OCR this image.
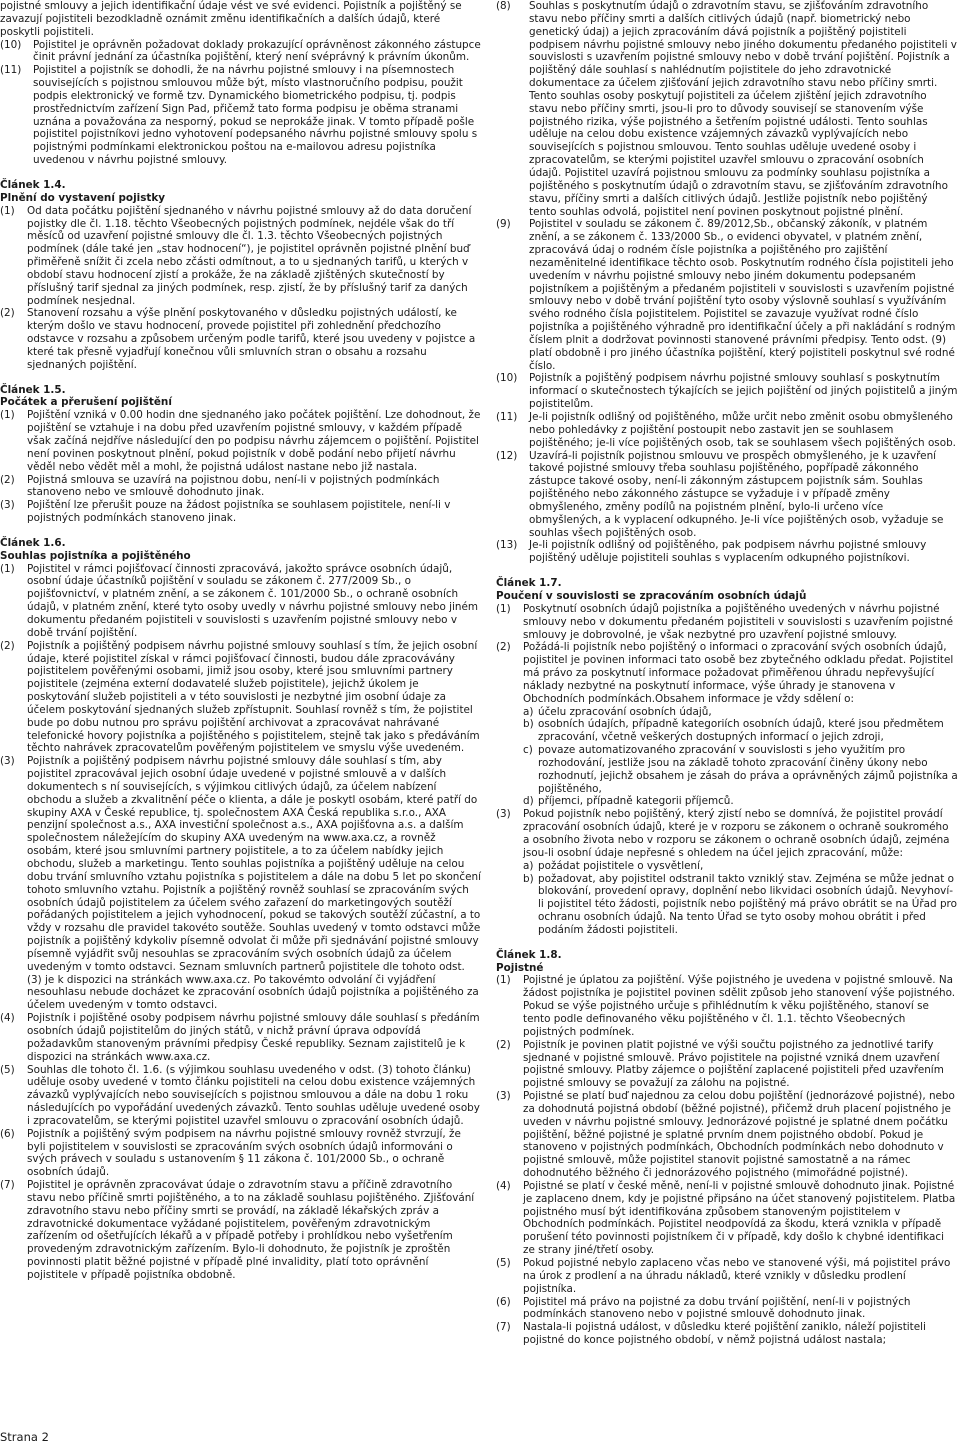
pojistné smlouvy a jejich identifikační údaje vést ve své evidenci. Pojistník a pojištěný se zavazují pojistiteli bezodkladně oznámit změnu identifikačních a dalších údajů, které poskytli pojistiteli.

(10)	Pojistitel je oprávněn požadovat doklady prokazující oprávněnost zákonného zástupce činit právní jednání za účastníka pojištění, který není svéprávný k právním úkonům.
(11)	Pojistitel a pojistník se dohodli, že na návrhu pojistné smlouvy i na písemnostech souvisejících s pojistnou smlouvou může být, místo vlastnoručního podpisu, použit podpis elektronický ve formě tzv. Dynamického biometrického podpisu, tj. podpis prostřednictvím zařízení Sign Pad, přičemž tato forma podpisu je oběma stranami uznána a považována za nesporný, pokud se neprokáže jinak. V tomto případě pošle pojistitel pojistníkovi jedno vyhotovení podepsaného návrhu pojistné smlouvy spolu s pojistnými podmínkami elektronickou poštou na e-mailovou adresu pojistníka uvedenou v návrhu pojistné smlouvy.

Článek 1.4.

Plnění do vystavení pojistky

(1)	Od data počátku pojištění sjednaného v návrhu pojistné smlouvy až do data doručení pojistky dle čl. 1.18. těchto Všeobecných pojistných podmínek, nejdéle však do tří měsíců od uzavření pojistné smlouvy dle čl. 1.3. těchto Všeobecných pojistných podmínek (dále také jen „stav hodnocení“), je pojistitel oprávněn pojistné plnění buď přiměřeně snížit či zcela nebo zčásti odmítnout, a to u sjednaných tarifů, u kterých v období stavu hodnocení zjistí a prokáže, že na základě zjištěných skutečností by příslušný tarif sjednal za jiných podmínek, resp. zjistí, že by příslušný tarif za daných podmínek nesjednal.
(2)	Stanovení rozsahu a výše plnění poskytovaného v důsledku pojistných událostí, ke kterým došlo ve stavu hodnocení, provede pojistitel při zohlednění předchozího odstavce v rozsahu a způsobem určeným podle tarifů, které jsou uvedeny v pojistce a které tak přesně vyjadřují konečnou vůli smluvních stran o obsahu a rozsahu sjednaných pojištění.

Článek 1.5.

Počátek a přerušení pojištění

(1)	Pojištění vzniká v 0.00 hodin dne sjednaného jako počátek pojištění. Lze dohodnout, že pojištění se vztahuje i na dobu před uzavřením pojistné smlouvy, v každém případě však začíná nejdříve následující den po podpisu návrhu zájemcem o pojištění. Pojistitel není povinen poskytnout plnění, pokud pojistník v době podání nebo přijetí návrhu věděl nebo vědět měl a mohl, že pojistná událost nastane nebo již nastala.
(2)	Pojistná smlouva se uzavírá na pojistnou dobu, není-li v pojistných podmínkách stanoveno nebo ve smlouvě dohodnuto jinak.
(3)	Pojištění lze přerušit pouze na žádost pojistníka se souhlasem pojistitele, není-li v pojistných podmínkách stanoveno jinak.

Článek 1.6.

Souhlas pojistníka a pojištěného

(1)	Pojistitel v rámci pojišťovací činnosti zpracovává, jakožto správce osobních údajů, osobní údaje účastníků pojištění v souladu se zákonem č. 277/2009 Sb., o pojišťovnictví, v platném znění, a se zákonem č. 101/2000 Sb., o ochraně osobních údajů, v platném znění, které tyto osoby uvedly v návrhu pojistné smlouvy nebo jiném dokumentu předaném pojistiteli v souvislosti s uzavřením pojistné smlouvy nebo v době trvání pojištění.
(2)	Pojistník a pojištěný podpisem návrhu pojistné smlouvy souhlasí s tím, že jejich osobní údaje, které pojistitel získal v rámci pojišťovací činnosti, budou dále zpracovávány pojistitelem pověřenými osobami, jimiž jsou osoby, které jsou smluvními partnery pojistitele (zejména externí dodavatelé služeb pojistitele), jejichž úkolem je poskytování služeb pojistiteli a v této souvislosti je nezbytné jim osobní údaje za účelem poskytování sjednaných služeb zpřístupnit. Souhlasí rovněž s tím, že pojistitel bude po dobu nutnou pro správu pojištění archivovat a zpracovávat nahrávané telefonické hovory pojistníka a pojištěného s pojistitelem, stejně tak jako s předáváním těchto nahrávek zpracovatelům pověřeným pojistitelem ve smyslu výše uvedeném.
(3)	Pojistník a pojištěný podpisem návrhu pojistné smlouvy dále souhlasí s tím, aby pojistitel zpracovával jejich osobní údaje uvedené v pojistné smlouvě a v dalších dokumentech s ní souvisejících, s výjimkou citlivých údajů, za účelem nabízení obchodu a služeb a zkvalitnění péče o klienta, a dále je poskytl osobám, které patří do skupiny AXA v České republice, tj. společnostem AXA Česká republika s.r.o., AXA penzijní společnost a.s., AXA investiční společnost a.s., AXA pojišťovna a.s. a dalším společnostem náležejícím do skupiny AXA uvedeným na www.axa.cz, a rovněž osobám, které jsou smluvními partnery pojistitele, a to za účelem nabídky jejich obchodu, služeb a marketingu. Tento souhlas pojistníka a pojištěný uděluje na celou dobu trvání smluvního vztahu pojistníka s pojistitelem a dále na dobu 5 let po skončení tohoto smluvního vztahu. Pojistník a pojištěný rovněž souhlasí se zpracováním svých osobních údajů pojistitelem za účelem svého zařazení do marketingových soutěží pořádaných pojistitelem a jejich vyhodnocení, pokud se takových soutěží zúčastní, a to vždy v rozsahu dle pravidel takovéto soutěže. Souhlas uvedený v tomto odstavci může pojistník a pojištěný kdykoliv písemně odvolat či může při sjednávání pojistné smlouvy písemně vyjádřit svůj nesouhlas se zpracováním svých osobních údajů za účelem uvedeným v tomto odstavci. Seznam smluvních partnerů pojistitele dle tohoto odst. (3) je k dispozici na stránkách www.axa.cz. Po takovémto odvolání či vyjádření nesouhlasu nebude docházet ke zpracování osobních údajů pojistníka a pojištěného za účelem uvedeným v tomto odstavci.
(4)	Pojistník i pojištěné osoby podpisem návrhu pojistné smlouvy dále souhlasí s předáním osobních údajů pojistitelům do jiných států, v nichž právní úprava odpovídá požadavkům stanoveným právními předpisy České republiky. Seznam zajistitelů je k dispozici na stránkách www.axa.cz.
(5)	Souhlas dle tohoto čl. 1.6. (s výjimkou souhlasu uvedeného v odst. (3) tohoto článku) uděluje osoby uvedené v tomto článku pojistiteli na celou dobu existence vzájemných závazků vyplývajících nebo souvisejících s pojistnou smlouvou a dále na dobu 1 roku následujících po vypořádání uvedených závazků. Tento souhlas uděluje uvedené osoby i zpracovatelům, se kterými pojistitel uzavřel smlouvu o zpracování osobních údajů.
(6)	Pojistník a pojištěný svým podpisem na návrhu pojistné smlouvy rovněž stvrzují, že byli pojistitelem v souvislosti se zpracováním svých osobních údajů informováni o svých právech v souladu s ustanovením § 11 zákona č. 101/2000 Sb., o ochraně osobních údajů.
(7)	Pojistitel je oprávněn zpracovávat údaje o zdravotním stavu a příčině zdravotního stavu nebo příčině smrti pojištěného, a to na základě souhlasu pojištěného. Zjišťování zdravotního stavu nebo příčiny smrti se provádí, na základě lékařských zpráv a zdravotnické dokumentace vyžádané pojistitelem, pověřeným zdravotnickým zařízením od ošetřujících lékařů a v případě potřeby i prohlídkou nebo vyšetřením provedeným zdravotnickým zařízením. Bylo-li dohodnuto, že pojistník je zproštěn povinnosti platit běžné pojistné v případě plné invalidity, platí toto oprávnění pojistitele v případě pojistníka obdobně.
(8)	Souhlas s poskytnutím údajů o zdravotním stavu, se zjišťováním zdravotního stavu nebo příčiny smrti a dalších citlivých údajů (např. biometrický nebo genetický údaj) a jejich zpracováním dává pojistník a pojištěný pojistiteli podpisem návrhu pojistné smlouvy nebo jiného dokumentu předaného pojistiteli v souvislosti s uzavřením pojistné smlouvy nebo v době trvání pojištění. Pojistník a pojištěný dále souhlasí s nahlédnutím pojistitele do jeho zdravotnické dokumentace za účelem zjišťování jejich zdravotního stavu nebo příčiny smrti. Tento souhlas osoby poskytují pojistiteli za účelem zjištění jejich zdravotního stavu nebo příčiny smrti, jsou-li pro to důvody souvisejí se stanovením výše pojistného rizika, výše pojistného a šetřením pojistné události. Tento souhlas uděluje na celou dobu existence vzájemných závazků vyplývajících nebo souvisejících s pojistnou smlouvou. Tento souhlas uděluje uvedené osoby i zpracovatelům, se kterými pojistitel uzavřel smlouvu o zpracování osobních údajů. Pojistitel uzavírá pojistnou smlouvu za podmínky souhlasu pojistníka a pojištěného s poskytnutím údajů o zdravotním stavu, se zjišťováním zdravotního stavu, příčiny smrti a dalších citlivých údajů. Jestliže pojistník nebo pojištěný tento souhlas odvolá, pojistitel není povinen poskytnout pojistné plnění.
(9)	Pojistitel v souladu se zákonem č. 89/2012,Sb., občanský zákoník, v platném znění, a se zákonem č. 133/2000 Sb., o evidenci obyvatel, v platném znění, zpracovává údaj o rodném čísle pojistníka a pojištěného pro zajištění nezaměnitelné identifikace těchto osob. Poskytnutím rodného čísla pojistiteli jeho uvedením v návrhu pojistné smlouvy nebo jiném dokumentu podepsaném pojistníkem a pojištěným a předaném pojistiteli v souvislosti s uzavřením pojistné smlouvy nebo v době trvání pojištění tyto osoby výslovně souhlasí s využíváním svého rodného čísla pojistitelem. Pojistitel se zavazuje využívat rodné číslo pojistníka a pojištěného výhradně pro identifikační účely a při nakládání s rodným číslem plnit a dodržovat povinnosti stanovené právními předpisy. Tento odst. (9) platí obdobně i pro jiného účastníka pojištění, který pojistiteli poskytnul své rodné číslo.
(10)	Pojistník a pojištěný podpisem návrhu pojistné smlouvy souhlasí s poskytnutím informací o skutečnostech týkajících se jejich pojištění od jiných pojistitelů a jiným pojistitelům.
(11)	Je-li pojistník odlišný od pojištěného, může určit nebo změnit osobu obmyšleného nebo pohledávky z pojištění postoupit nebo zastavit jen se souhlasem pojištěného; je-li více pojištěných osob, tak se souhlasem všech pojištěných osob.
(12)	Uzavírá-li pojistník pojistnou smlouvu ve prospěch obmyšleného, je k uzavření takové pojistné smlouvy třeba souhlasu pojištěného, popřípadě zákonného zástupce takové osoby, není-li zákonným zástupcem pojistník sám. Souhlas pojištěného nebo zákonného zástupce se vyžaduje i v případě změny obmyšleného, změny podílů na pojistném plnění, bylo-li určeno více obmyšlených, a k vyplacení odkupného. Je-li více pojištěných osob, vyžaduje se souhlas všech pojištěných osob.
(13)	Je-li pojistník odlišný od pojištěného, pak podpisem návrhu pojistné smlouvy pojištěný uděluje pojistiteli souhlas s vyplacením odkupného pojistníkovi.

Článek 1.7.

Poučení v souvislosti se zpracováním osobních údajů

(1)	Poskytnutí osobních údajů pojistníka a pojištěného uvedených v návrhu pojistné smlouvy nebo v dokumentu předaném pojistiteli v souvislosti s uzavřením pojistné smlouvy je dobrovolné, je však nezbytné pro uzavření pojistné smlouvy.
(2)	Požádá-li pojistník nebo pojištěný o informaci o zpracování svých osobních údajů, pojistitel je povinen informaci tato osobě bez zbytečného odkladu předat. Pojistitel má právo za poskytnutí informace požadovat přiměřenou úhradu nepřevyšující náklady nezbytné na poskytnutí informace, výše úhrady je stanovena v Obchodních podmínkách.Obsahem informace je vždy sdělení o:
a) účelu zpracování osobních údajů,
b) osobních údajích, případně kategoriích osobních údajů, které jsou předmětem zpracování, včetně veškerých dostupných informací o jejich zdroji,
c) povaze automatizovaného zpracování v souvislosti s jeho využitím pro rozhodování, jestliže jsou na základě tohoto zpracování činěny úkony nebo rozhodnutí, jejichž obsahem je zásah do práva a oprávněných zájmů pojistníka a pojištěného,
d) příjemci, případně kategorii příjemců.
(3)	Pokud pojistník nebo pojištěný, který zjistí nebo se domnívá, že pojistitel provádí zpracování osobních údajů, které je v rozporu se zákonem o ochraně soukromého a osobního života nebo v rozporu se zákonem o ochraně osobních údajů, zejména jsou-li osobní údaje nepřesné s ohledem na účel jejich zpracování, může:
a) požádat pojistitele o vysvětlení,
b) požadovat, aby pojistitel odstranil takto vzniklý stav. Zejména se může jednat o blokování, provedení opravy, doplnění nebo likvidaci osobních údajů. Nevyhoví-li pojistitel této žádosti, pojistník nebo pojištěný má právo obrátit se na Úřad pro ochranu osobních údajů. Na tento Úřad se tyto osoby mohou obrátit i před podáním žádosti pojistiteli.

Článek 1.8.

Pojistné

(1)	Pojistné je úplatou za pojištění. Výše pojistného je uvedena v pojistné smlouvě. Na žádost pojistníka je pojistitel povinen sdělit způsob jeho stanovení výše pojistného. Pokud se výše pojistného určuje s přihlédnutím k věku pojištěného, stanoví se tento podle definovaného věku pojištěného v čl. 1.1. těchto Všeobecných pojistných podmínek.
(2)	Pojistník je povinen platit pojistné ve výši součtu pojistného za jednotlivé tarify sjednané v pojistné smlouvě. Právo pojistitele na pojistné vzniká dnem uzavření pojistné smlouvy. Platby zájemce o pojištění zaplacené pojistiteli před uzavřením pojistné smlouvy se považují za zálohu na pojistné.
(3)	Pojistné se platí buď najednou za celou dobu pojištění (jednorázové pojistné), nebo za dohodnutá pojistná období (běžné pojistné), přičemž druh placení pojistného je uveden v návrhu pojistné smlouvy. Jednorázové pojistné je splatné dnem počátku pojištění, běžné pojistné je splatné prvním dnem pojistného období. Pokud je stanoveno v pojistných podmínkách, Obchodních podmínkách nebo dohodnuto v pojistné smlouvě, může pojistitel stanovit pojistné samostatně a na rámec dohodnutého běžného či jednorázového pojistného (mimořádné pojistné).
(4)	Pojistné se platí v české měně, není-li v pojistné smlouvě dohodnuto jinak. Pojistné je zaplaceno dnem, kdy je pojistné připsáno na účet stanovený pojistitelem. Platba pojistného musí být identifikována způsobem stanoveným pojistitelem v Obchodních podmínkách. Pojistitel neodpovídá za škodu, která vznikla v případě porušení této povinnosti pojistníkem či v případě, kdy došlo k chybné identifikaci ze strany jiné/třetí osoby.
(5)	Pokud pojistné nebylo zaplaceno včas nebo ve stanovené výši, má pojistitel právo na úrok z prodlení a na úhradu nákladů, které vznikly v důsledku prodlení pojistníka.
(6)	Pojistitel má právo na pojistné za dobu trvání pojištění, není-li v pojistných podmínkách stanoveno nebo v pojistné smlouvě dohodnuto jinak.
(7)	Nastala-li pojistná událost, v důsledku které pojištění zaniklo, náleží pojistiteli pojistné do konce pojistného období, v němž pojistná událost nastala;
Strana 2
